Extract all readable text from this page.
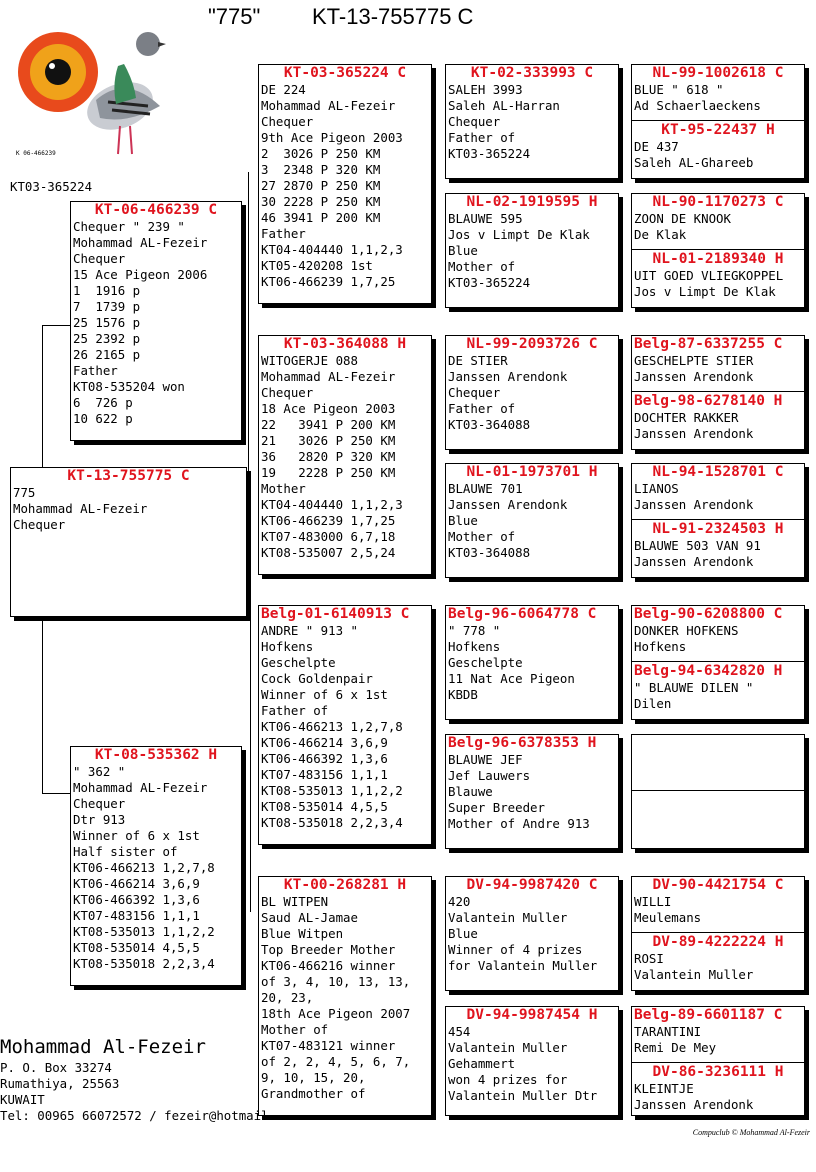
"775" KT-13-755775 C
K 06-466239
KT03-365224
KT-13-755775 C
775
Mohammad AL-Fezeir
Chequer
KT-06-466239 C
Chequer " 239 "
Mohammad AL-Fezeir
Chequer
15 Ace Pigeon 2006
1  1916 p
7  1739 p
25 1576 p
25 2392 p
26 2165 p
Father
KT08-535204 won
6  726 p
10 622 p
KT-08-535362 H
" 362 "
Mohammad AL-Fezeir
Chequer
Dtr 913
Winner of 6 x 1st
Half sister of
KT06-466213 1,2,7,8
KT06-466214 3,6,9
KT06-466392 1,3,6
KT07-483156 1,1,1
KT08-535013 1,1,2,2
KT08-535014 4,5,5
KT08-535018 2,2,3,4
KT-03-365224 C
DE 224
Mohammad AL-Fezeir
Chequer
9th Ace Pigeon 2003
2  3026 P 250 KM
3  2348 P 320 KM
27 2870 P 250 KM
30 2228 P 250 KM
46 3941 P 200 KM
Father
KT04-404440 1,1,2,3
KT05-420208 1st
KT06-466239 1,7,25
KT-03-364088 H
WITOGERJE 088
Mohammad AL-Fezeir
Chequer
18 Ace Pigeon 2003
22   3941 P 200 KM
21   3026 P 250 KM
36   2820 P 320 KM
19   2228 P 250 KM
Mother
KT04-404440 1,1,2,3
KT06-466239 1,7,25
KT07-483000 6,7,18
KT08-535007 2,5,24
Belg-01-6140913 C
ANDRE " 913 "
Hofkens
Geschelpte
Cock Goldenpair
Winner of 6 x 1st
Father of
KT06-466213 1,2,7,8
KT06-466214 3,6,9
KT06-466392 1,3,6
KT07-483156 1,1,1
KT08-535013 1,1,2,2
KT08-535014 4,5,5
KT08-535018 2,2,3,4
KT-00-268281 H
BL WITPEN
Saud AL-Jamae
Blue Witpen
Top Breeder Mother
KT06-466216 winner
of 3, 4, 10, 13, 13,
20, 23,
18th Ace Pigeon 2007
Mother of
KT07-483121 winner
of 2, 2, 4, 5, 6, 7,
9, 10, 15, 20,
Grandmother of
KT-02-333993 C
SALEH 3993
Saleh AL-Harran
Chequer
Father of
KT03-365224
NL-02-1919595 H
BLAUWE 595
Jos v Limpt De Klak
Blue
Mother of
KT03-365224
NL-99-2093726 C
DE STIER
Janssen Arendonk
Chequer
Father of
KT03-364088
NL-01-1973701 H
BLAUWE 701
Janssen Arendonk
Blue
Mother of
KT03-364088
Belg-96-6064778 C
" 778 "
Hofkens
Geschelpte
11 Nat Ace Pigeon
KBDB
Belg-96-6378353 H
BLAUWE JEF
Jef Lauwers
Blauwe
Super Breeder
Mother of Andre 913
DV-94-9987420 C
420
Valantein Muller
Blue
Winner of 4 prizes
for Valantein Muller
DV-94-9987454 H
454
Valantein Muller
Gehammert
won 4 prizes for
Valantein Muller Dtr
NL-99-1002618 C
BLUE " 618 "
Ad Schaerlaeckens
KT-95-22437 H
DE 437
Saleh AL-Ghareeb
NL-90-1170273 C
ZOON DE KNOOK
De Klak
NL-01-2189340 H
UIT GOED VLIEGKOPPEL
Jos v Limpt De Klak
Belg-87-6337255 C
GESCHELPTE STIER
Janssen Arendonk
Belg-98-6278140 H
DOCHTER RAKKER
Janssen Arendonk
NL-94-1528701 C
LIANOS
Janssen Arendonk
NL-91-2324503 H
BLAUWE 503 VAN 91
Janssen Arendonk
Belg-90-6208800 C
DONKER HOFKENS
Hofkens
Belg-94-6342820 H
" BLAUWE DILEN "
Dilen
DV-90-4421754 C
WILLI
Meulemans
DV-89-4222224 H
ROSI
Valantein Muller
Belg-89-6601187 C
TARANTINI
Remi De Mey
DV-86-3236111 H
KLEINTJE
Janssen Arendonk
Mohammad Al-Fezeir
P. O. Box 33274
Rumathiya, 25563
KUWAIT
Tel: 00965 66072572 / fezeir@hotmail.
Compuclub © Mohammad Al-Fezeir
